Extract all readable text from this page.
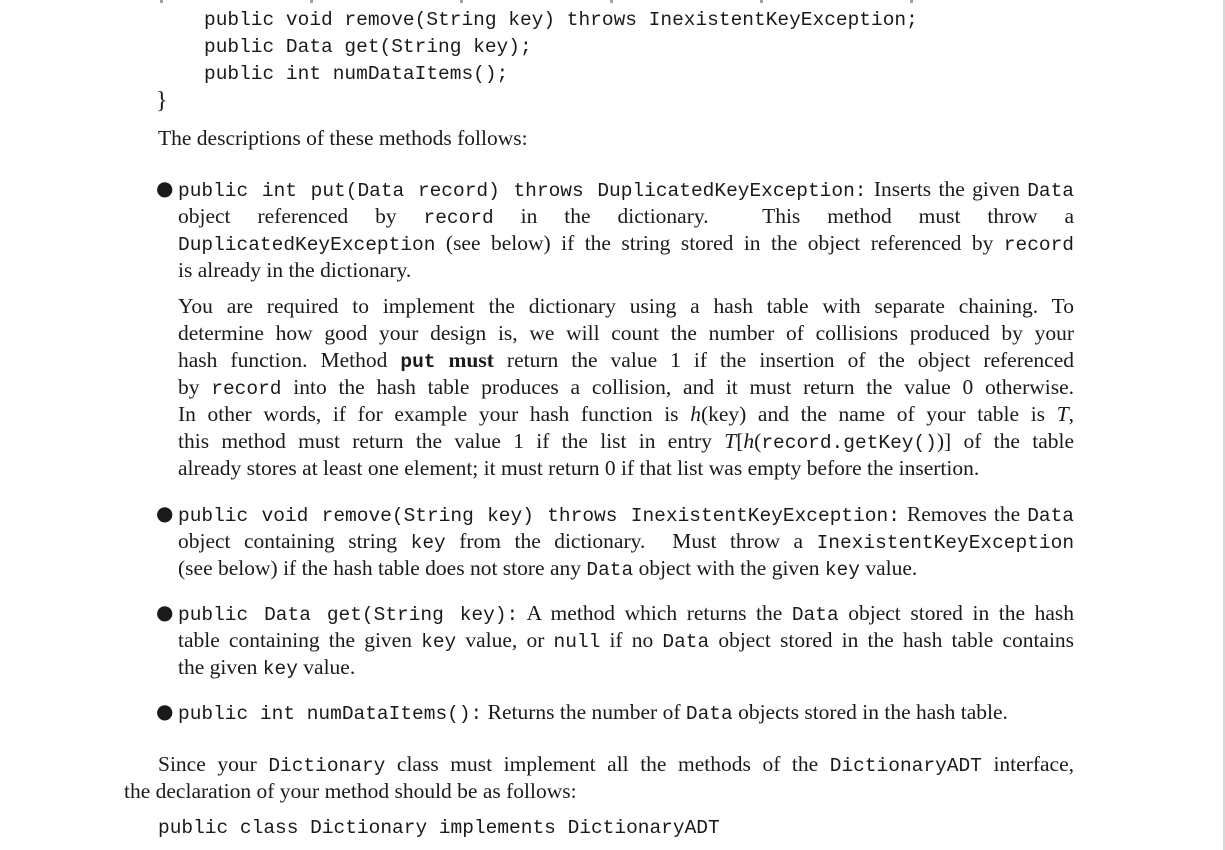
public void remove(String key) throws InexistentKeyException;
public Data get(String key);
public int numDataItems();
}
The descriptions of these methods follows:
● public int put(Data record) throws DuplicatedKeyException: Inserts the given Data
object referenced by record in the dictionary.  This method must throw a
DuplicatedKeyException (see below) if the string stored in the object referenced by record
is already in the dictionary.
You are required to implement the dictionary using a hash table with separate chaining. To
determine how good your design is, we will count the number of collisions produced by your
hash function. Method put must return the value 1 if the insertion of the object referenced
by record into the hash table produces a collision, and it must return the value 0 otherwise.
In other words, if for example your hash function is h(key) and the name of your table is T,
this method must return the value 1 if the list in entry T[h(record.getKey())] of the table
already stores at least one element; it must return 0 if that list was empty before the insertion.
● public void remove(String key) throws InexistentKeyException: Removes the Data
object containing string key from the dictionary.  Must throw a InexistentKeyException
(see below) if the hash table does not store any Data object with the given key value.
● public Data get(String key): A method which returns the Data object stored in the hash
table containing the given key value, or null if no Data object stored in the hash table contains
the given key value.
● public int numDataItems(): Returns the number of Data objects stored in the hash table.
Since your Dictionary class must implement all the methods of the DictionaryADT interface,
the declaration of your method should be as follows:
public class Dictionary implements DictionaryADT
